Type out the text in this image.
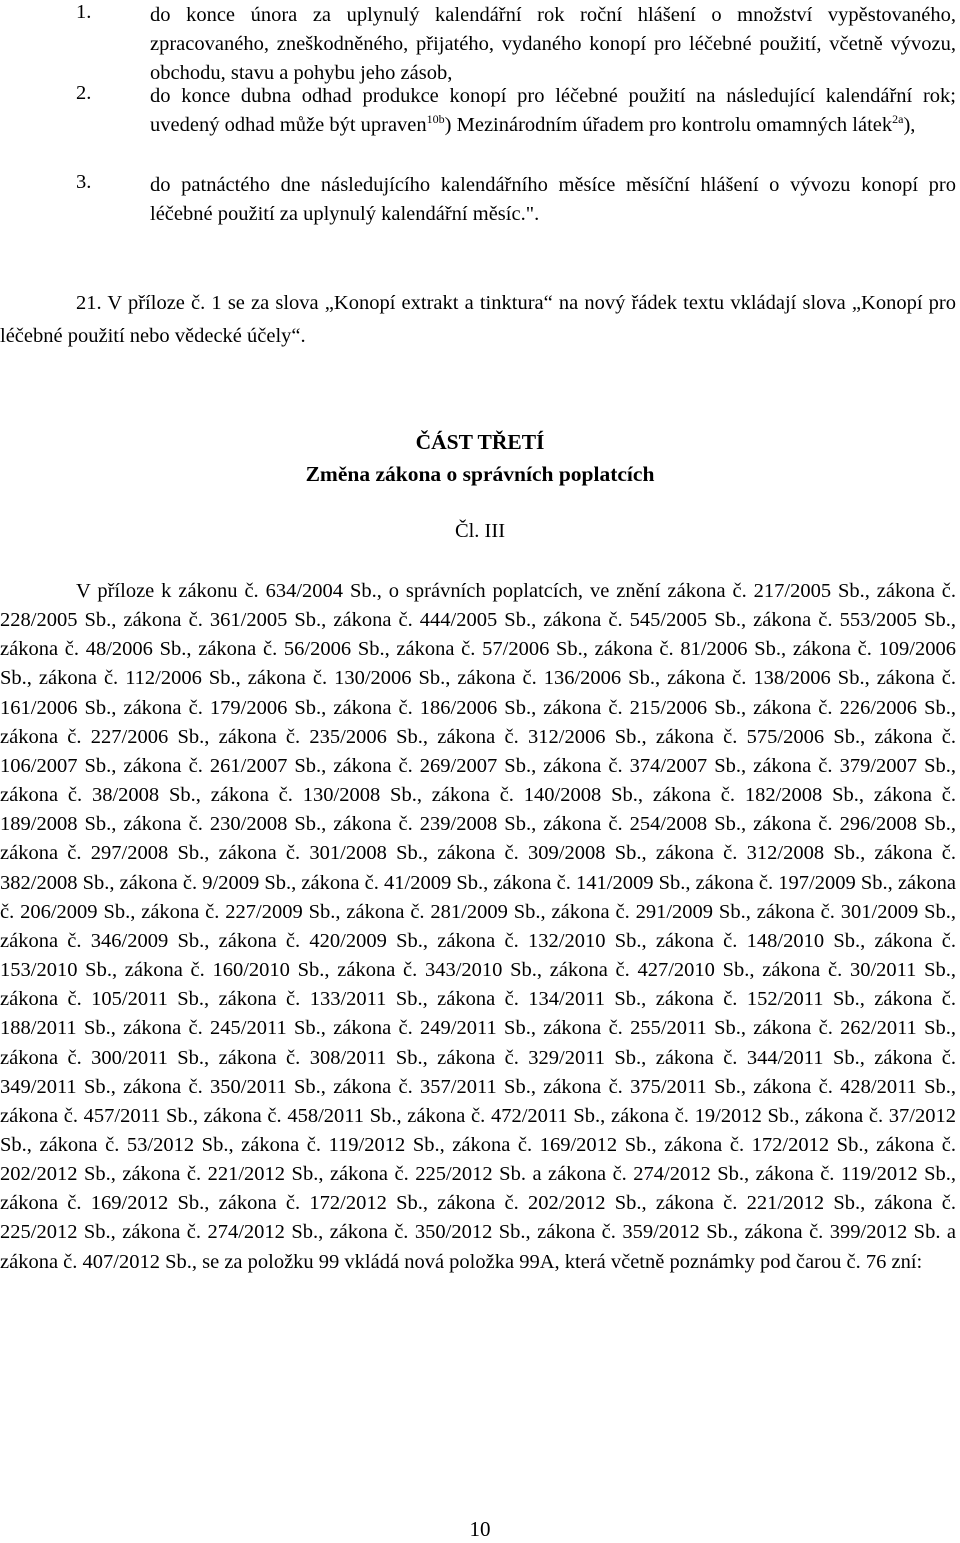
1.	do konce února za uplynulý kalendářní rok roční hlášení o množství vypěstovaného, zpracovaného, zneškodněného, přijatého, vydaného konopí pro léčebné použití, včetně vývozu, obchodu, stavu a pohybu jeho zásob,
2.	do konce dubna odhad produkce konopí pro léčebné použití na následující kalendářní rok; uvedený odhad může být upraven$^{10b}$) Mezinárodním úřadem pro kontrolu omamných látek$^{2a}$),
3.	do patnáctého dne následujícího kalendářního měsíce měsíční hlášení o vývozu konopí pro léčebné použití za uplynulý kalendářní měsíc.".
21. V příloze č. 1 se za slova „Konopí extrakt a tinktura“ na nový řádek textu vkládají slova „Konopí pro léčebné použití nebo vědecké účely“.
ČÁST TŘETÍ
Změna zákona o správních poplatcích
Čl. III
V příloze k zákonu č. 634/2004 Sb., o správních poplatcích, ve znění zákona č. 217/2005 Sb., zákona č. 228/2005 Sb., zákona č. 361/2005 Sb., zákona č. 444/2005 Sb., zákona č. 545/2005 Sb., zákona č. 553/2005 Sb., zákona č. 48/2006 Sb., zákona č. 56/2006 Sb., zákona č. 57/2006 Sb., zákona č. 81/2006 Sb., zákona č. 109/2006 Sb., zákona č. 112/2006 Sb., zákona č. 130/2006 Sb., zákona č. 136/2006 Sb., zákona č. 138/2006 Sb., zákona č. 161/2006 Sb., zákona č. 179/2006 Sb., zákona č. 186/2006 Sb., zákona č. 215/2006 Sb., zákona č. 226/2006 Sb., zákona č. 227/2006 Sb., zákona č. 235/2006 Sb., zákona č. 312/2006 Sb., zákona č. 575/2006 Sb., zákona č. 106/2007 Sb., zákona č. 261/2007 Sb., zákona č. 269/2007 Sb., zákona č. 374/2007 Sb., zákona č. 379/2007 Sb., zákona č. 38/2008 Sb., zákona č. 130/2008 Sb., zákona č. 140/2008 Sb., zákona č. 182/2008 Sb., zákona č. 189/2008 Sb., zákona č. 230/2008 Sb., zákona č. 239/2008 Sb., zákona č. 254/2008 Sb., zákona č. 296/2008 Sb., zákona č. 297/2008 Sb., zákona č. 301/2008 Sb., zákona č. 309/2008 Sb., zákona č. 312/2008 Sb., zákona č. 382/2008 Sb., zákona č. 9/2009 Sb., zákona č. 41/2009 Sb., zákona č. 141/2009 Sb., zákona č. 197/2009 Sb., zákona č. 206/2009 Sb., zákona č. 227/2009 Sb., zákona č. 281/2009 Sb., zákona č. 291/2009 Sb., zákona č. 301/2009 Sb., zákona č. 346/2009 Sb., zákona č. 420/2009 Sb., zákona č. 132/2010 Sb., zákona č. 148/2010 Sb., zákona č. 153/2010 Sb., zákona č. 160/2010 Sb., zákona č. 343/2010 Sb., zákona č. 427/2010 Sb., zákona č. 30/2011 Sb., zákona č. 105/2011 Sb., zákona č. 133/2011 Sb., zákona č. 134/2011 Sb., zákona č. 152/2011 Sb., zákona č. 188/2011 Sb., zákona č. 245/2011 Sb., zákona č. 249/2011 Sb., zákona č. 255/2011 Sb., zákona č. 262/2011 Sb., zákona č. 300/2011 Sb., zákona č. 308/2011 Sb., zákona č. 329/2011 Sb., zákona č. 344/2011 Sb., zákona č. 349/2011 Sb., zákona č. 350/2011 Sb., zákona č. 357/2011 Sb., zákona č. 375/2011 Sb., zákona č. 428/2011 Sb., zákona č. 457/2011 Sb., zákona č. 458/2011 Sb., zákona č. 472/2011 Sb., zákona č. 19/2012 Sb., zákona č. 37/2012 Sb., zákona č. 53/2012 Sb., zákona č. 119/2012 Sb., zákona č. 169/2012 Sb., zákona č. 172/2012 Sb., zákona č. 202/2012 Sb., zákona č. 221/2012 Sb., zákona č. 225/2012 Sb. a zákona č. 274/2012 Sb., zákona č. 119/2012 Sb., zákona č. 169/2012 Sb., zákona č. 172/2012 Sb., zákona č. 202/2012 Sb., zákona č. 221/2012 Sb., zákona č. 225/2012 Sb., zákona č. 274/2012 Sb., zákona č. 350/2012 Sb., zákona č. 359/2012 Sb., zákona č. 399/2012 Sb. a zákona č. 407/2012 Sb., se za položku 99 vkládá nová položka 99A, která včetně poznámky pod čarou č. 76 zní:
10
